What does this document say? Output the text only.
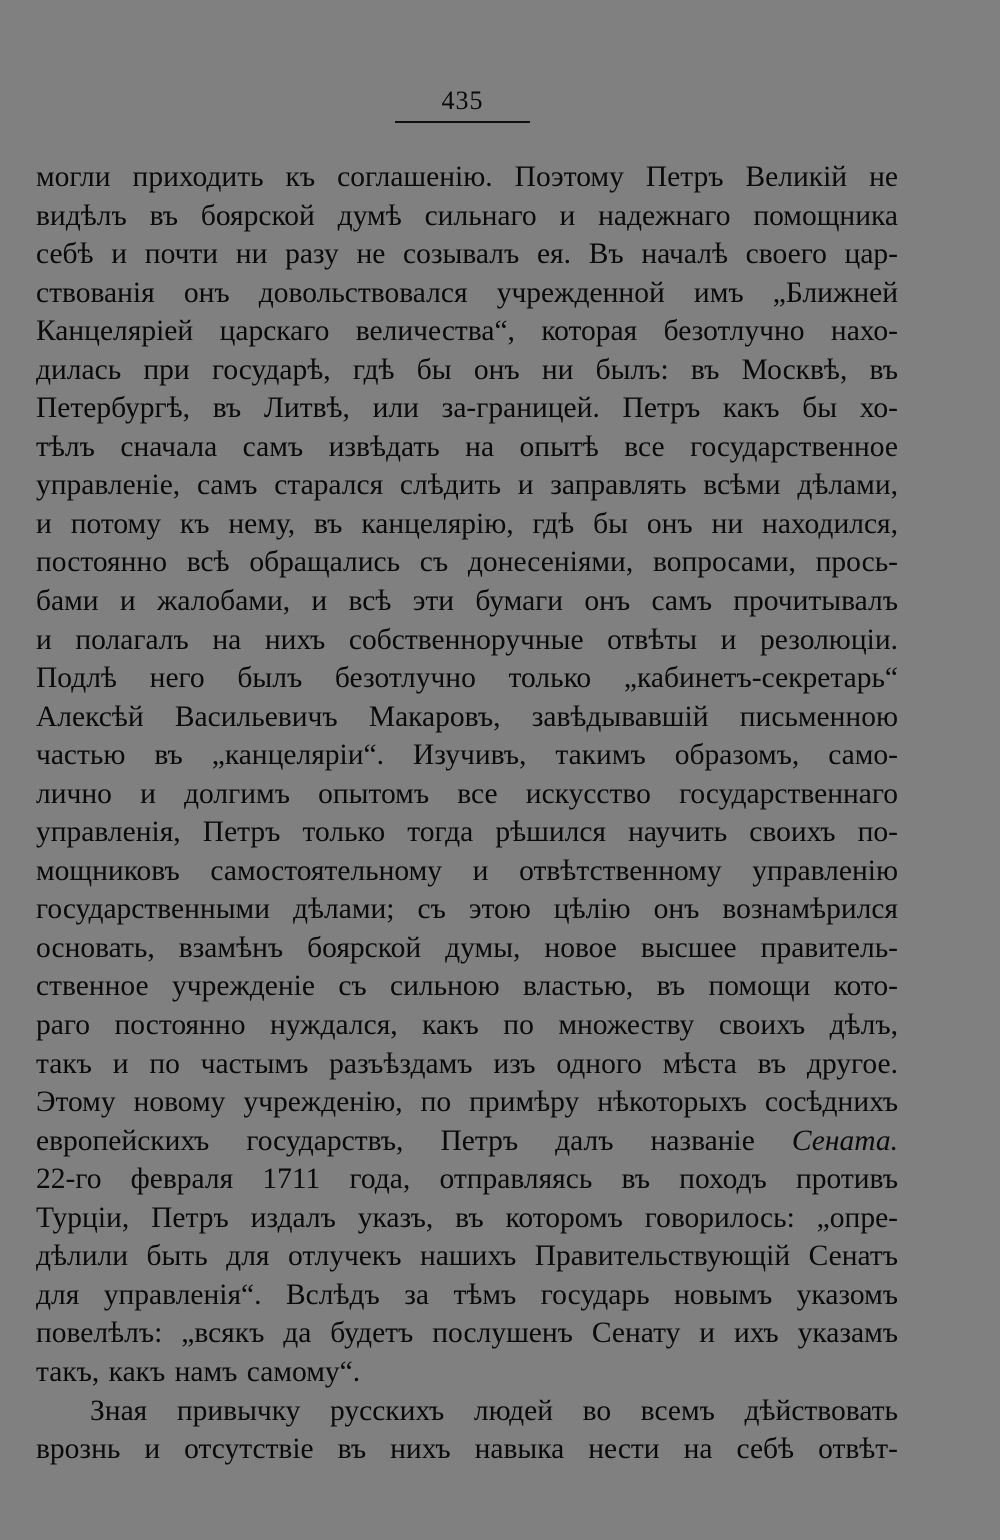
435
могли приходить къ соглашенію. Поэтому Петръ Великій не
видѣлъ въ боярской думѣ сильнаго и надежнаго помощника
себѣ и почти ни разу не созывалъ ея. Въ началѣ своего цар-
ствованія онъ довольствовался учрежденной имъ „Ближней
Канцеляріей царскаго величества“, которая безотлучно нахо-
дилась при государѣ, гдѣ бы онъ ни былъ: въ Москвѣ, въ
Петербургѣ, въ Литвѣ, или за-границей. Петръ какъ бы хо-
тѣлъ сначала самъ извѣдать на опытѣ все государственное
управленіе, самъ старался слѣдить и заправлять всѣми дѣлами,
и потому къ нему, въ канцелярію, гдѣ бы онъ ни находился,
постоянно всѣ обращались съ донесеніями, вопросами, прось-
бами и жалобами, и всѣ эти бумаги онъ самъ прочитывалъ
и полагалъ на нихъ собственноручные отвѣты и резолюціи.
Подлѣ него былъ безотлучно только „кабинетъ-секретарь“
Алексѣй Васильевичъ Макаровъ, завѣдывавшій письменною
частью въ „канцеляріи“. Изучивъ, такимъ образомъ, само-
лично и долгимъ опытомъ все искусство государственнаго
управленія, Петръ только тогда рѣшился научить своихъ по-
мощниковъ самостоятельному и отвѣтственному управленію
государственными дѣлами; съ этою цѣлію онъ вознамѣрился
основать, взамѣнъ боярской думы, новое высшее правитель-
ственное учрежденіе съ сильною властью, въ помощи кото-
раго постоянно нуждался, какъ по множеству своихъ дѣлъ,
такъ и по частымъ разъѣздамъ изъ одного мѣста въ другое.
Этому новому учрежденію, по примѣру нѣкоторыхъ сосѣднихъ
европейскихъ государствъ, Петръ далъ названіе Сената.
22-го февраля 1711 года, отправляясь въ походъ противъ
Турціи, Петръ издалъ указъ, въ которомъ говорилось: „опре-
дѣлили быть для отлучекъ нашихъ Правительствующій Сенатъ
для управленія“. Вслѣдъ за тѣмъ государь новымъ указомъ
повелѣлъ: „всякъ да будетъ послушенъ Сенату и ихъ указамъ
такъ, какъ намъ самому“.
Зная привычку русскихъ людей во всемъ дѣйствовать
врознь и отсутствіе въ нихъ навыка нести на себѣ отвѣт-
